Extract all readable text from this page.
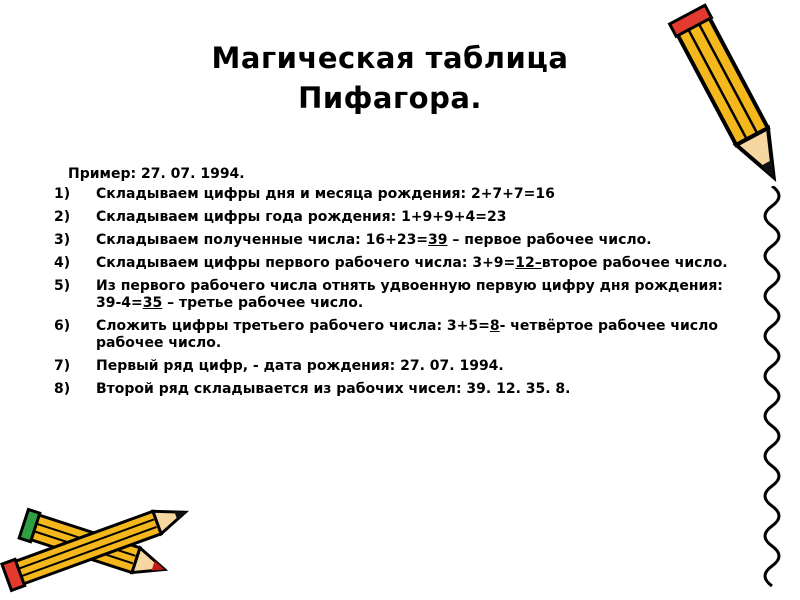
Магическая таблица
Пифагора.
Пример: 27. 07. 1994.
1) Складываем цифры дня и месяца рождения: 2+7+7=16
2) Складываем цифры года рождения: 1+9+9+4=23
3) Складываем полученные числа: 16+23=39 – первое рабочее число.
4) Складываем цифры первого рабочего числа: 3+9=12–второе рабочее число.
5) Из первого рабочего числа отнять удвоенную первую цифру дня рождения: 39-4=35 – третье рабочее число.
6) Сложить цифры третьего рабочего числа: 3+5=8- четвёртое рабочее число рабочее число.
7) Первый ряд цифр, - дата рождения: 27. 07. 1994.
8) Второй ряд складывается из рабочих чисел: 39. 12. 35. 8.
